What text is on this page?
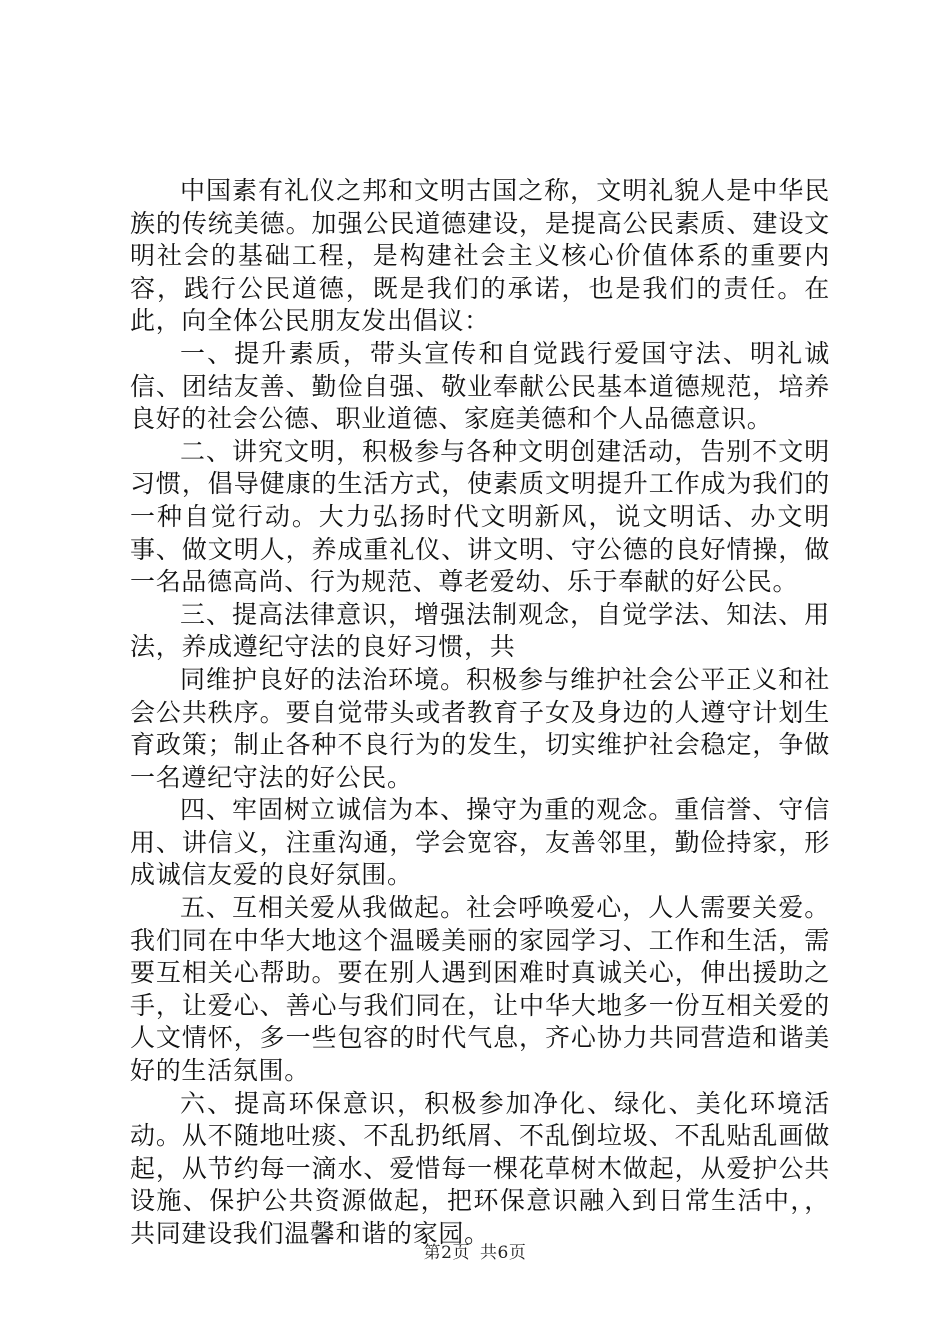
中国素有礼仪之邦和文明古国之称，文明礼貌人是中华民族的传统美德。加强公民道德建设，是提高公民素质、建设文明社会的基础工程，是构建社会主义核心价值体系的重要内容，践行公民道德，既是我们的承诺，也是我们的责任。在此，向全体公民朋友发出倡议：

一、提升素质，带头宣传和自觉践行爱国守法、明礼诚信、团结友善、勤俭自强、敬业奉献公民基本道德规范，培养良好的社会公德、职业道德、家庭美德和个人品德意识。

二、讲究文明，积极参与各种文明创建活动，告别不文明习惯，倡导健康的生活方式，使素质文明提升工作成为我们的一种自觉行动。大力弘扬时代文明新风，说文明话、办文明事、做文明人，养成重礼仪、讲文明、守公德的良好情操，做一名品德高尚、行为规范、尊老爱幼、乐于奉献的好公民。

三、提高法律意识，增强法制观念，自觉学法、知法、用法，养成遵纪守法的良好习惯，共

同维护良好的法治环境。积极参与维护社会公平正义和社会公共秩序。要自觉带头或者教育子女及身边的人遵守计划生育政策；制止各种不良行为的发生，切实维护社会稳定，争做一名遵纪守法的好公民。

四、牢固树立诚信为本、操守为重的观念。重信誉、守信用、讲信义，注重沟通，学会宽容，友善邻里，勤俭持家，形成诚信友爱的良好氛围。

五、互相关爱从我做起。社会呼唤爱心，人人需要关爱。我们同在中华大地这个温暖美丽的家园学习、工作和生活，需要互相关心帮助。要在别人遇到困难时真诚关心，伸出援助之手，让爱心、善心与我们同在，让中华大地多一份互相关爱的人文情怀，多一些包容的时代气息，齐心协力共同营造和谐美好的生活氛围。

六、提高环保意识，积极参加净化、绿化、美化环境活动。从不随地吐痰、不乱扔纸屑、不乱倒垃圾、不乱贴乱画做起，从节约每一滴水、爱惜每一棵花草树木做起，从爱护公共设施、保护公共资源做起，把环保意识融入到日常生活中，，共同建设我们温馨和谐的家园。

第2页 共6页
